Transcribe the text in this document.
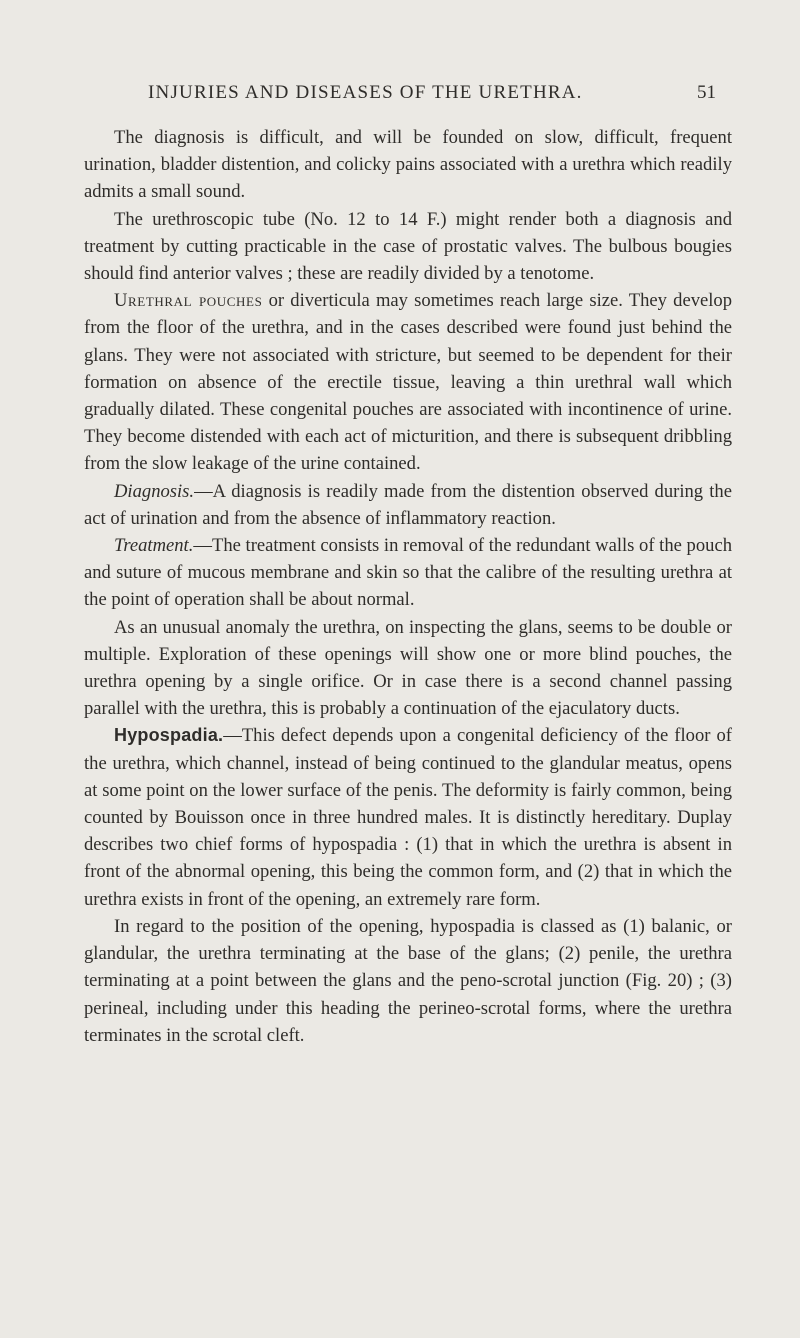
INJURIES AND DISEASES OF THE URETHRA.	51

The diagnosis is difficult, and will be founded on slow, difficult, frequent urination, bladder distention, and colicky pains associated with a urethra which readily admits a small sound.

The urethroscopic tube (No. 12 to 14 F.) might render both a diagnosis and treatment by cutting practicable in the case of prostatic valves. The bulbous bougies should find anterior valves ; these are readily divided by a tenotome.

Urethral pouches or diverticula may sometimes reach large size. They develop from the floor of the urethra, and in the cases described were found just behind the glans. They were not associated with stricture, but seemed to be dependent for their formation on absence of the erectile tissue, leaving a thin urethral wall which gradually dilated. These congenital pouches are associated with incontinence of urine. They become distended with each act of micturition, and there is subsequent dribbling from the slow leakage of the urine contained.

Diagnosis.—A diagnosis is readily made from the distention observed during the act of urination and from the absence of inflammatory reaction.

Treatment.—The treatment consists in removal of the redundant walls of the pouch and suture of mucous membrane and skin so that the calibre of the resulting urethra at the point of operation shall be about normal.

As an unusual anomaly the urethra, on inspecting the glans, seems to be double or multiple. Exploration of these openings will show one or more blind pouches, the urethra opening by a single orifice. Or in case there is a second channel passing parallel with the urethra, this is probably a continuation of the ejaculatory ducts.

Hypospadia.—This defect depends upon a congenital deficiency of the floor of the urethra, which channel, instead of being continued to the glandular meatus, opens at some point on the lower surface of the penis. The deformity is fairly common, being counted by Bouisson once in three hundred males. It is distinctly hereditary. Duplay describes two chief forms of hypospadia : (1) that in which the urethra is absent in front of the abnormal opening, this being the common form, and (2) that in which the urethra exists in front of the opening, an extremely rare form.

In regard to the position of the opening, hypospadia is classed as (1) balanic, or glandular, the urethra terminating at the base of the glans; (2) penile, the urethra terminating at a point between the glans and the peno-scrotal junction (Fig. 20) ; (3) perineal, including under this heading the perineo-scrotal forms, where the urethra terminates in the scrotal cleft.
